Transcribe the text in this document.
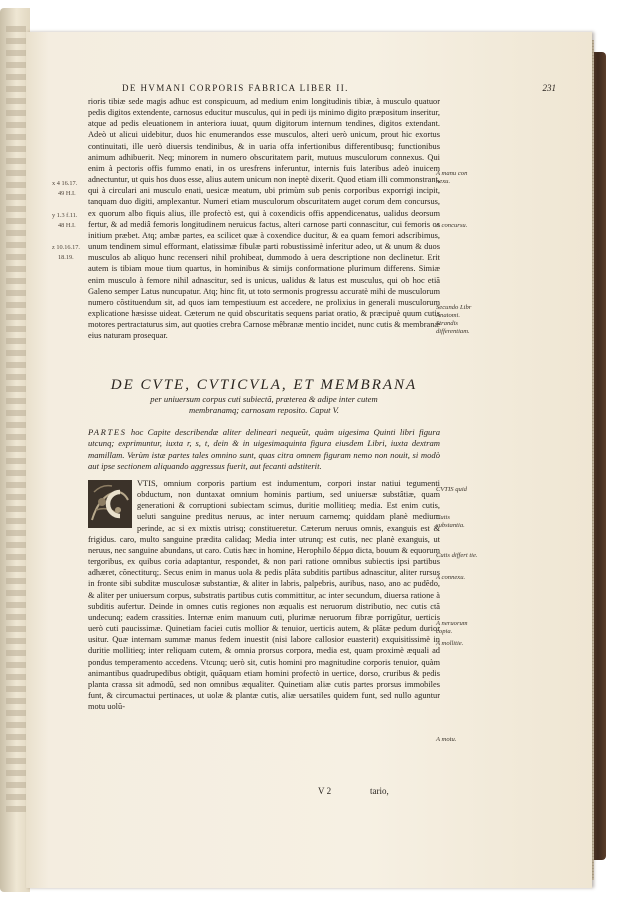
DE HVMANI CORPORIS FABRICA LIBER II.	231

rioris tibiæ sede magis adhuc est conspicuum, ad medium enim longitudinis tibiæ, à musculo quatuor pedis digitos extendente, carnosus educitur musculus, qui in pedi ijs minimo digito præpositum inseritur, atque ad pedis eleuationem in anteriora iuuat, quum digitorum internum tendines, digitos extendant. Adeò ut alicui uidebitur, duos hic enumerandos esse musculos, alteri uerò unicum, prout hic exortus continuitati, ille uerò diuersis tendinibus, & in uaria offa infertionibus differentibusq; functionibus animum adhibuerit. Neq; minorem in numero obscuritatem parit, mutuus musculorum connexus. Qui enim à pectoris offis fummo enati, in os uresfrens inferuntur, internis fuis lateribus adeò inuicem adnectuntur, ut quis hos duos esse, alius autem unicum non ineptè dixerit. Quod etiam illi commonstrant, qui à circulari ani musculo enati, uesicæ meatum, ubi primùm sub penis corporibus exporrigi incipit, tanquam duo digiti, amplexantur. Numeri etiam musculorum obscuritatem auget corum dem concursus, ex quorum albo fiquis alius, ille profectò est, qui à coxendicis offis appendicenatus, ualidus deorsum fertur, & ad mediâ femoris longitudinem neruicus factus, alteri carnose parti connascitur, cui femoris os initium præbet. Atq; ambæ partes, ea scilicet quæ à coxendice ducitur, & ea quam femori adscribimus, unum tendinem simul efformant, elatissimæ fibulæ parti robustissimè inferitur adeo, ut & unum & duos musculos ab aliquo hunc recenseri nihil prohibeat, dummodo à uera descriptione non declinetur. Erit autem is tibiam moue tium quartus, in hominibus & simijs conformatione plurimum differens. Simiæ enim musculo à femore nihil adnascitur, sed is unicus, ualidus & latus est musculus, qui ob hoc etiã Galeno semper Latus nuncupatur. Atq; hinc fit, ut toto sermonis progressu accuratè mihi de musculorum numero cõstituendum sit, ad quos iam tempestiuum est accedere, ne prolixius in generali musculorum explicatione hæsisse uideat. Cæterum ne quid obscuritatis sequens pariat oratio, & præcipuè quum cutis motores pertractaturus sim, aut quoties crebra Carnose mêbranæ mentio incidet, nunc cutis & membranæ eius naturam prosequar.

DE CVTE, CVTICVLA, ET MEMBRANA
per uniuersum corpus cuti subiectã, præterea & adipe inter cutem
membranamq; carnosam reposito. Caput V.
PARTES hoc Capite describendæ aliter delineari nequeũt, quàm uigesima Quinti libri figura utcunq; exprimuntur, iuxta r, s, t, dein & in uigesimaquinta figura eiusdem Libri, iuxta dextram mamillam. Verùm istæ partes tales omnino sunt, quas citra omnem figuram nemo non nouit, si modò aut ipse sectionem aliquando aggressus fuerit, aut fecanti adstiterit.

VTIS, omnium corporis partium est indumentum, corpori instar natiui tegumenti obductum, non duntaxat omnium hominis partium, sed uniuersæ substâtiæ, quam generationi & corruptioni subiectam scimus, duritie mollitieq; media. Est enim cutis, ueluti sanguine preditus neruus, ac inter neruum carnemq; quiddam planè medium perinde, ac si ex mixtis utrisq; constitueretur. Cæterum neruus omnis, exanguis est & frigidus. caro, multo sanguine prædita calidaq; Media inter utrunq; est cutis, nec planè exanguis, ut neruus, nec sanguine abundans, ut caro. Cutis hæc in homine, Herophilo δέρμα dicta, bouum & equorum tergoribus, ex quibus coria adaptantur, respondet, & non pari ratione omnibus subiectis ipsi partibus adhæret, cõnectiturq;. Secus enim in manus uola & pedis plãta subditis partibus adnascitur, aliter rursus in fronte sibi subditæ musculosæ substantiæ, & aliter in labris, palpebris, auribus, naso, ano ac pudẽdo, & aliter per uniuersum corpus, substratis partibus cutis committitur, ac inter secundum, diuersa ratione à subditis aufertur. Deinde in omnes cutis regiones non æqualis est neruorum distributio, nec cutis ctã undecunq; eadem crassities. Internæ enim manuum cuti, plurimæ neruorum fibræ porrigũtur, uerticis uerò cuti paucissimæ. Quinetiam faciei cutis mollior & tenuior, uerticis autem, & plãtæ pedum durior usitur. Quæ internam summæ manus fedem inuestit (nisi labore callosior euasterit) exquisitissimè in duritie mollitieq; inter reliquam cutem, & omnia prorsus corpora, media est, quam proximè æquali ad pondus temperamento accedens. Vtcunq; uerò sit, cutis homini pro magnitudine corporis tenuior, quàm animantibus quadrupedibus obtigit, quãquam etiam homini profectò in uertice, dorso, cruribus & pedis planta crassa sit admodũ, sed non omnibus æqualiter. Quinetiam aliæ cutis partes prorsus immobiles funt, & circumactui pertinaces, ut uolæ & plantæ cutis, aliæ uersatiles quidem funt, sed nullo aguntur motu uolũ-

V 2	tario,
A manu con nexu.
A concursu.
Secundo Libr Anatomi. Strandis differentiam.
CVTIS quid
Cutis substantia.
Cutis differt tie.
A connexu.
A neruorum copia.
A mollitie.
A motu.
x 4 16.17.
49 H.I.
y 1.3 f.11.
48 H.I.
z 10.16.17.
18.19.
